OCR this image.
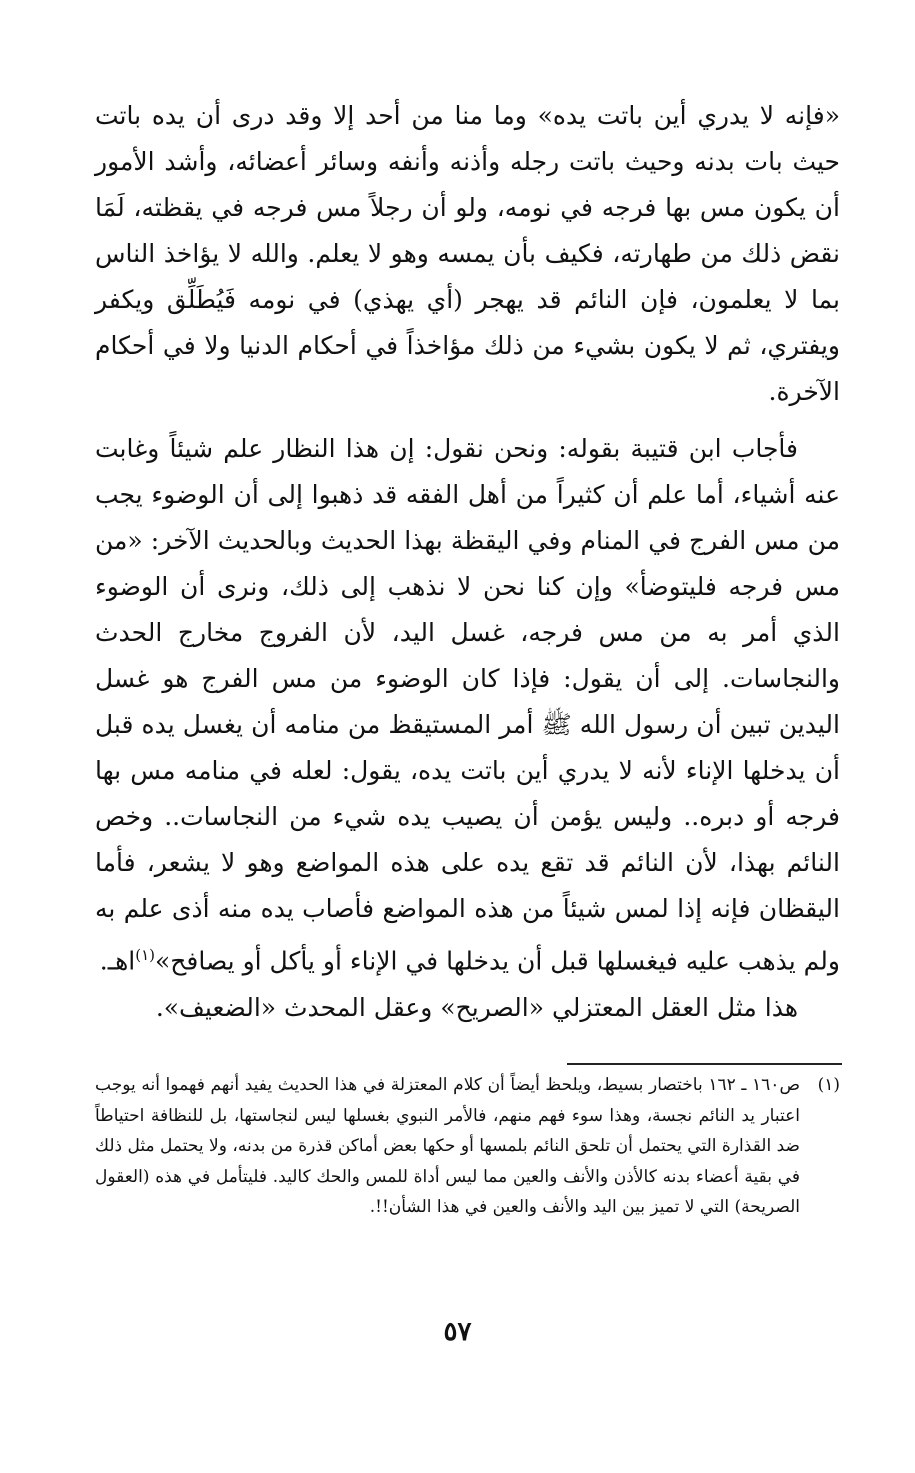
«فإنه لا يدري أين باتت يده» وما منا من أحد إلا وقد درى أن يده باتت حيث بات بدنه وحيث باتت رجله وأذنه وأنفه وسائر أعضائه، وأشد الأمور أن يكون مس بها فرجه في نومه، ولو أن رجلاً مس فرجه في يقظته، لَمَا نقض ذلك من طهارته، فكيف بأن يمسه وهو لا يعلم. والله لا يؤاخذ الناس بما لا يعلمون، فإن النائم قد يهجر (أي يهذي) في نومه فَيُطَلِّق ويكفر ويفتري، ثم لا يكون بشيء من ذلك مؤاخذاً في أحكام الدنيا ولا في أحكام الآخرة.

فأجاب ابن قتيبة بقوله: ونحن نقول: إن هذا النظار علم شيئاً وغابت عنه أشياء، أما علم أن كثيراً من أهل الفقه قد ذهبوا إلى أن الوضوء يجب من مس الفرج في المنام وفي اليقظة بهذا الحديث وبالحديث الآخر: «من مس فرجه فليتوضأ» وإن كنا نحن لا نذهب إلى ذلك، ونرى أن الوضوء الذي أمر به من مس فرجه، غسل اليد، لأن الفروج مخارج الحدث والنجاسات. إلى أن يقول: فإذا كان الوضوء من مس الفرج هو غسل اليدين تبين أن رسول الله ﷺ أمر المستيقظ من منامه أن يغسل يده قبل أن يدخلها الإناء لأنه لا يدري أين باتت يده، يقول: لعله في منامه مس بها فرجه أو دبره.. وليس يؤمن أن يصيب يده شيء من النجاسات.. وخص النائم بهذا، لأن النائم قد تقع يده على هذه المواضع وهو لا يشعر، فأما اليقظان فإنه إذا لمس شيئاً من هذه المواضع فأصاب يده منه أذى علم به ولم يذهب عليه فيغسلها قبل أن يدخلها في الإناء أو يأكل أو يصافح»$^{(١)}$اهـ.

هذا مثل العقل المعتزلي «الصريح» وعقل المحدث «الضعيف».

(١)
ص١٦٠ ـ ١٦٢ باختصار بسيط، ويلحظ أيضاً أن كلام المعتزلة في هذا الحديث يفيد أنهم فهموا أنه يوجب اعتبار يد النائم نجسة، وهذا سوء فهم منهم، فالأمر النبوي بغسلها ليس لنجاستها، بل للنظافة احتياطاً ضد القذارة التي يحتمل أن تلحق النائم بلمسها أو حكها بعض أماكن قذرة من بدنه، ولا يحتمل مثل ذلك في بقية أعضاء بدنه كالأذن والأنف والعين مما ليس أداة للمس والحك كاليد. فليتأمل في هذه (العقول الصريحة) التي لا تميز بين اليد والأنف والعين في هذا الشأن!!.
٥٧
